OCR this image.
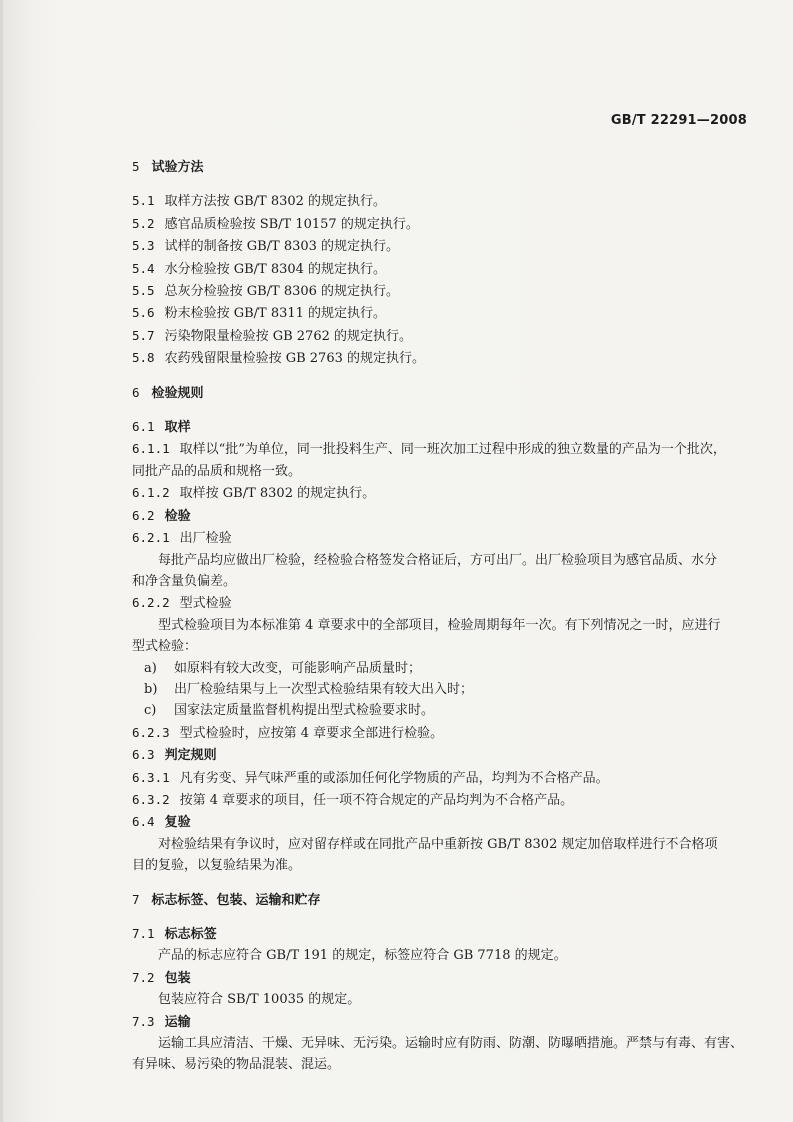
GB/T 22291—2008
5 试验方法
5.1 取样方法按 GB/T 8302 的规定执行。
5.2 感官品质检验按 SB/T 10157 的规定执行。
5.3 试样的制备按 GB/T 8303 的规定执行。
5.4 水分检验按 GB/T 8304 的规定执行。
5.5 总灰分检验按 GB/T 8306 的规定执行。
5.6 粉末检验按 GB/T 8311 的规定执行。
5.7 污染物限量检验按 GB 2762 的规定执行。
5.8 农药残留限量检验按 GB 2763 的规定执行。
6 检验规则
6.1 取样
6.1.1 取样以“批”为单位，同一批投料生产、同一班次加工过程中形成的独立数量的产品为一个批次，
同批产品的品质和规格一致。
6.1.2 取样按 GB/T 8302 的规定执行。
6.2 检验
6.2.1 出厂检验
每批产品均应做出厂检验，经检验合格签发合格证后，方可出厂。出厂检验项目为感官品质、水分
和净含量负偏差。
6.2.2 型式检验
型式检验项目为本标准第 4 章要求中的全部项目，检验周期每年一次。有下列情况之一时，应进行
型式检验：
a) 如原料有较大改变，可能影响产品质量时；
b) 出厂检验结果与上一次型式检验结果有较大出入时；
c) 国家法定质量监督机构提出型式检验要求时。
6.2.3 型式检验时，应按第 4 章要求全部进行检验。
6.3 判定规则
6.3.1 凡有劣变、异气味严重的或添加任何化学物质的产品，均判为不合格产品。
6.3.2 按第 4 章要求的项目，任一项不符合规定的产品均判为不合格产品。
6.4 复验
对检验结果有争议时，应对留存样或在同批产品中重新按 GB/T 8302 规定加倍取样进行不合格项
目的复验，以复验结果为准。
7 标志标签、包装、运输和贮存
7.1 标志标签
产品的标志应符合 GB/T 191 的规定，标签应符合 GB 7718 的规定。
7.2 包装
包装应符合 SB/T 10035 的规定。
7.3 运输
运输工具应清洁、干燥、无异味、无污染。运输时应有防雨、防潮、防曝晒措施。严禁与有毒、有害、
有异味、易污染的物品混装、混运。
